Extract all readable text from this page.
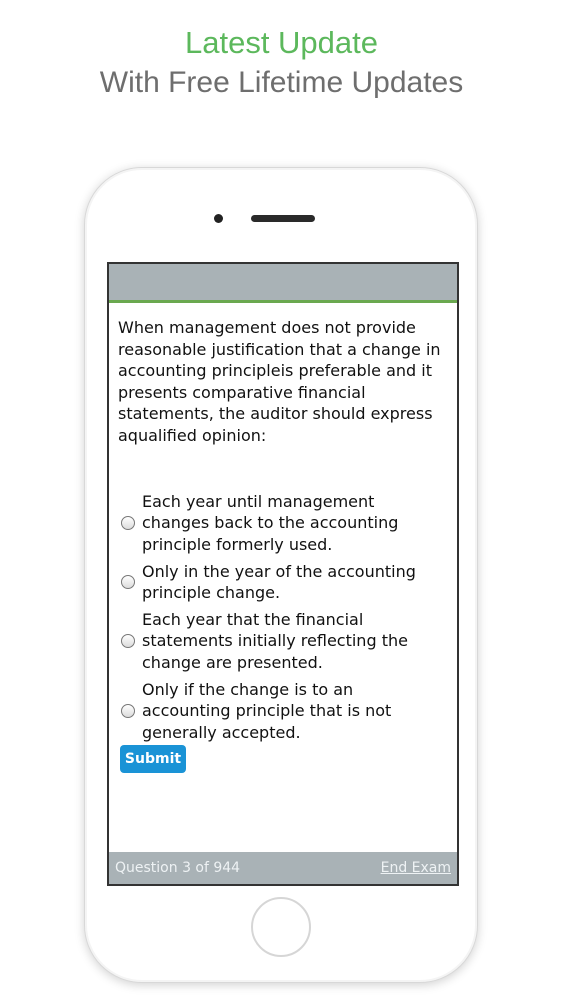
Latest Update
With Free Lifetime Updates

When management does not provide reasonable justification that a change in accounting principleis preferable and it presents comparative financial statements, the auditor should express aqualified opinion:

Each year until management changes back to the accounting principle formerly used.
Only in the year of the accounting principle change.
Each year that the financial statements initially reflecting the change are presented.
Only if the change is to an accounting principle that is not generally accepted.
Submit
Question 3 of 944	End Exam
